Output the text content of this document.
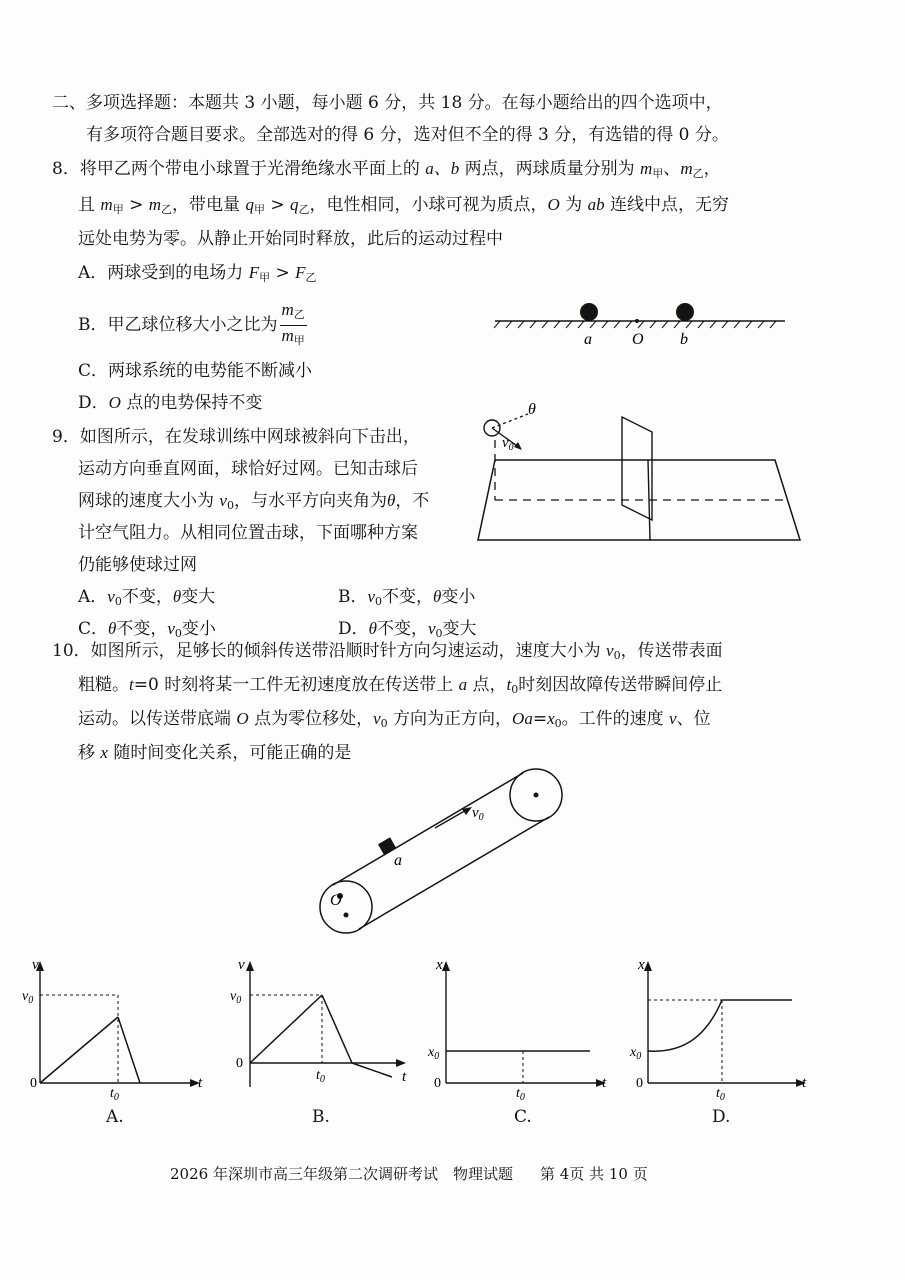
二、多项选择题：本题共 3 小题，每小题 6 分，共 18 分。在每小题给出的四个选项中，
有多项符合题目要求。全部选对的得 6 分，选对但不全的得 3 分，有选错的得 0 分。
8．将甲乙两个带电小球置于光滑绝缘水平面上的 a、b 两点，两球质量分别为 $m_甲$、$m_乙$，
且 $m_甲 > m_乙$，带电量 $q_甲 > q_乙$，电性相同，小球可视为质点，O 为 ab 连线中点，无穷
远处电势为零。从静止开始同时释放，此后的运动过程中
A．两球受到的电场力 $F_甲 > F_乙$
B．甲乙球位移大小之比为 $\frac{m_乙}{m_甲}$
C．两球系统的电势能不断减小
D．O 点的电势保持不变
a	O b
9．如图所示，在发球训练中网球被斜向下击出，
运动方向垂直网面，球恰好过网。已知击球后
网球的速度大小为 $v_0$，与水平方向夹角为θ，不
计空气阻力。从相同位置击球，下面哪种方案
仍能够使球过网
A．$v_0$不变，θ变大	B．$v_0$不变，θ变小
C．θ不变，$v_0$变小	D．θ不变，$v_0$变大
$v_0$
θ
10．如图所示，足够长的倾斜传送带沿顺时针方向匀速运动，速度大小为 $v_0$，传送带表面
粗糙。t=0 时刻将某一工件无初速度放在传送带上 a 点，$t_0$时刻因故障传送带瞬间停止
运动。以传送带底端 O 点为零位移处，$v_0$ 方向为正方向，$Oa=x_0$。工件的速度 v、位
移 x 随时间变化关系，可能正确的是
$v_0$
a
O
v
$v_0$
0
$t_0$
t
A.
v
$v_0$
0
$t_0$	t
B.
x
$x_0$
0
$t_0$
t
C.
x
$x_0$
0
$t_0$
t
D.
2026 年深圳市高三年级第二次调研考试　物理试题 第 4页 共 10 页
